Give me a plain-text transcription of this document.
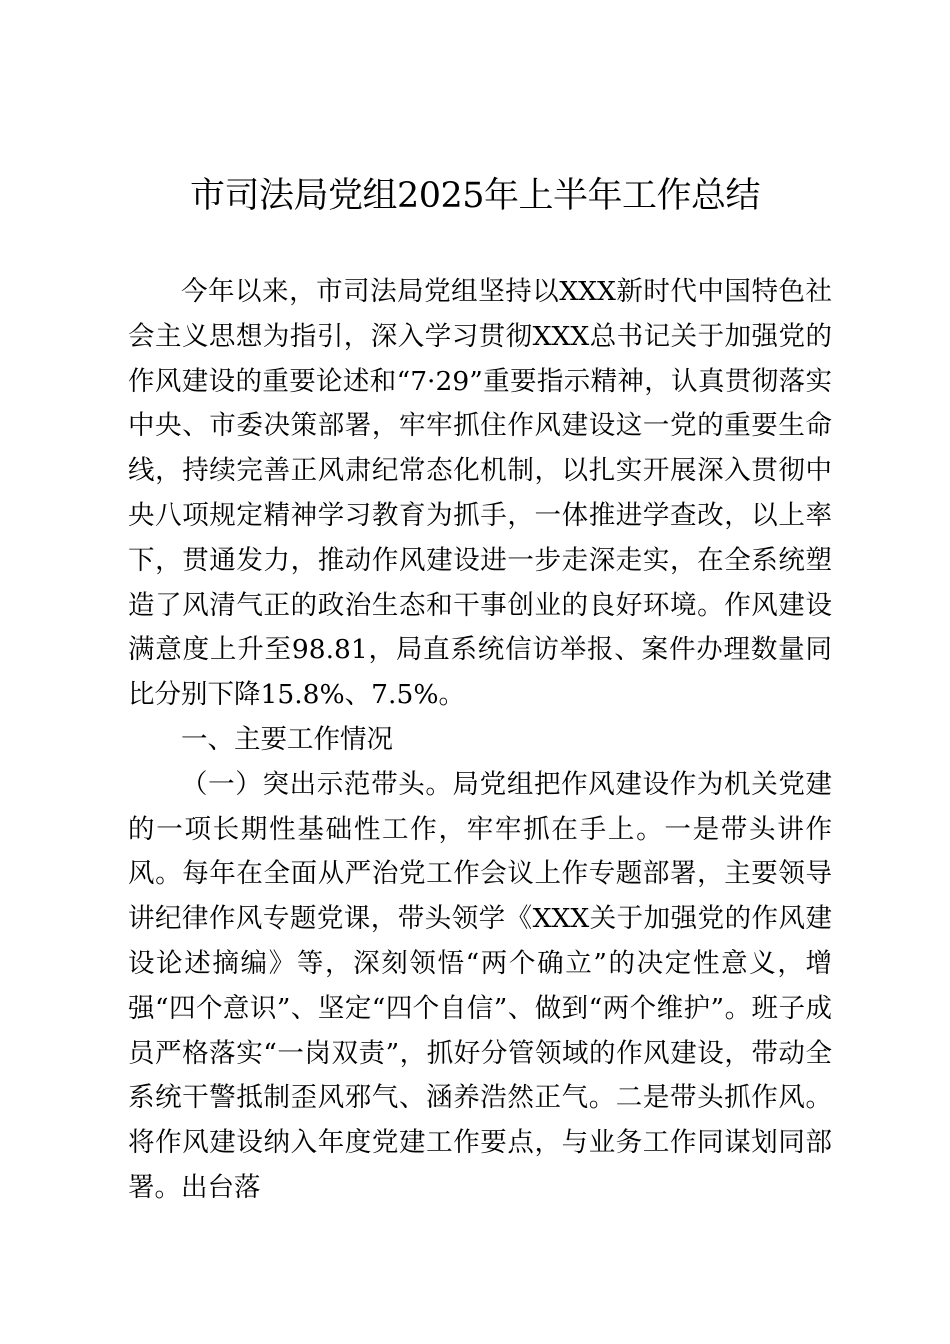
市司法局党组2025年上半年工作总结

今年以来，市司法局党组坚持以XXX新时代中国特色社会主义思想为指引，深入学习贯彻XXX总书记关于加强党的作风建设的重要论述和“7·29”重要指示精神，认真贯彻落实中央、市委决策部署，牢牢抓住作风建设这一党的重要生命线，持续完善正风肃纪常态化机制，以扎实开展深入贯彻中央八项规定精神学习教育为抓手，一体推进学查改，以上率下，贯通发力，推动作风建设进一步走深走实，在全系统塑造了风清气正的政治生态和干事创业的良好环境。作风建设满意度上升至98.81，局直系统信访举报、案件办理数量同比分别下降15.8%、7.5%。

一、主要工作情况

（一）突出示范带头。局党组把作风建设作为机关党建的一项长期性基础性工作，牢牢抓在手上。一是带头讲作风。每年在全面从严治党工作会议上作专题部署，主要领导讲纪律作风专题党课，带头领学《XXX关于加强党的作风建设论述摘编》等，深刻领悟“两个确立”的决定性意义，增强“四个意识”、坚定“四个自信”、做到“两个维护”。班子成员严格落实“一岗双责”，抓好分管领域的作风建设，带动全系统干警抵制歪风邪气、涵养浩然正气。二是带头抓作风。将作风建设纳入年度党建工作要点，与业务工作同谋划同部署。出台落
